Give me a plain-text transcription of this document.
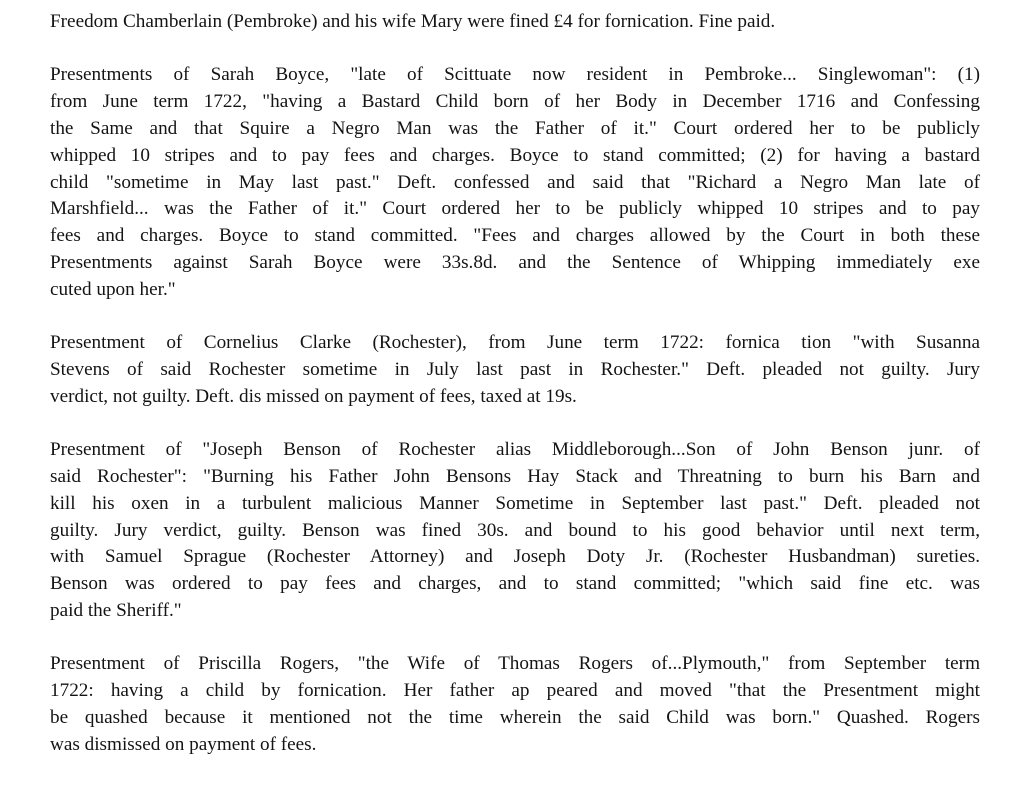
Freedom Chamberlain (Pembroke) and his wife Mary were fined £4 for fornication. Fine paid.
Presentments of Sarah Boyce, "late of Scittuate now resident in Pembroke... Singlewoman": (1)
from June term 1722, "having a Bastard Child born of her Body in December 1716 and Confessing
the Same and that Squire a Negro Man was the Father of it." Court ordered her to be publicly
whipped 10 stripes and to pay fees and charges. Boyce to stand committed; (2) for having a bastard
child "sometime in May last past." Deft. confessed and said that "Richard a Negro Man late of
Marshfield... was the Father of it." Court ordered her to be publicly whipped 10 stripes and to pay
fees and charges. Boyce to stand committed. "Fees and charges allowed by the Court in both these
Presentments against Sarah Boyce were 33s.8d. and the Sentence of Whipping immediately exe
cuted upon her."
Presentment of Cornelius Clarke (Rochester), from June term 1722: fornica tion "with Susanna
Stevens of said Rochester sometime in July last past in Rochester." Deft. pleaded not guilty. Jury
verdict, not guilty. Deft. dis missed on payment of fees, taxed at 19s.
Presentment of "Joseph Benson of Rochester alias Middleborough...Son of John Benson junr. of
said Rochester": "Burning his Father John Bensons Hay Stack and Threatning to burn his Barn and
kill his oxen in a turbulent malicious Manner Sometime in September last past." Deft. pleaded not
guilty. Jury verdict, guilty. Benson was fined 30s. and bound to his good behavior until next term,
with Samuel Sprague (Rochester Attorney) and Joseph Doty Jr. (Rochester Husbandman) sureties.
Benson was ordered to pay fees and charges, and to stand committed; "which said fine etc. was
paid the Sheriff."
Presentment of Priscilla Rogers, "the Wife of Thomas Rogers of...Plymouth," from September term
1722: having a child by fornication. Her father ap peared and moved "that the Presentment might
be quashed because it mentioned not the time wherein the said Child was born." Quashed. Rogers
was dismissed on payment of fees.
